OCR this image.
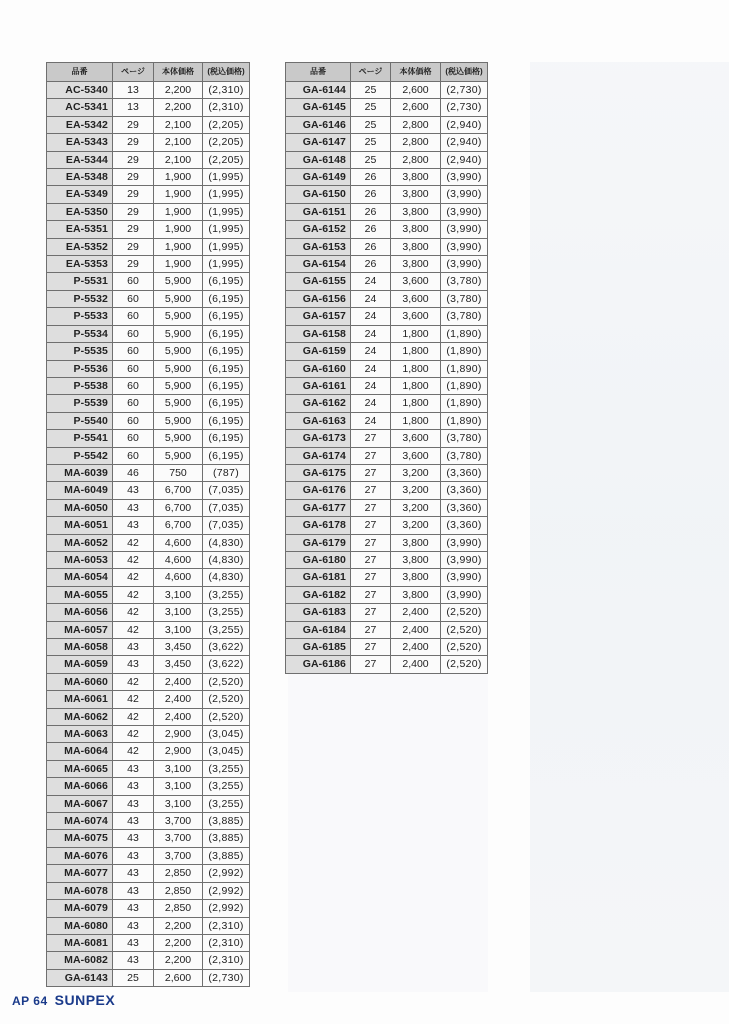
品番	ページ	本体価格	(税込価格)
AC-5340	13	2,200	(2,310)
AC-5341	13	2,200	(2,310)
EA-5342	29	2,100	(2,205)
EA-5343	29	2,100	(2,205)
EA-5344	29	2,100	(2,205)
EA-5348	29	1,900	(1,995)
EA-5349	29	1,900	(1,995)
EA-5350	29	1,900	(1,995)
EA-5351	29	1,900	(1,995)
EA-5352	29	1,900	(1,995)
EA-5353	29	1,900	(1,995)
P-5531	60	5,900	(6,195)
P-5532	60	5,900	(6,195)
P-5533	60	5,900	(6,195)
P-5534	60	5,900	(6,195)
P-5535	60	5,900	(6,195)
P-5536	60	5,900	(6,195)
P-5538	60	5,900	(6,195)
P-5539	60	5,900	(6,195)
P-5540	60	5,900	(6,195)
P-5541	60	5,900	(6,195)
P-5542	60	5,900	(6,195)
MA-6039	46	750	(787)
MA-6049	43	6,700	(7,035)
MA-6050	43	6,700	(7,035)
MA-6051	43	6,700	(7,035)
MA-6052	42	4,600	(4,830)
MA-6053	42	4,600	(4,830)
MA-6054	42	4,600	(4,830)
MA-6055	42	3,100	(3,255)
MA-6056	42	3,100	(3,255)
MA-6057	42	3,100	(3,255)
MA-6058	43	3,450	(3,622)
MA-6059	43	3,450	(3,622)
MA-6060	42	2,400	(2,520)
MA-6061	42	2,400	(2,520)
MA-6062	42	2,400	(2,520)
MA-6063	42	2,900	(3,045)
MA-6064	42	2,900	(3,045)
MA-6065	43	3,100	(3,255)
MA-6066	43	3,100	(3,255)
MA-6067	43	3,100	(3,255)
MA-6074	43	3,700	(3,885)
MA-6075	43	3,700	(3,885)
MA-6076	43	3,700	(3,885)
MA-6077	43	2,850	(2,992)
MA-6078	43	2,850	(2,992)
MA-6079	43	2,850	(2,992)
MA-6080	43	2,200	(2,310)
MA-6081	43	2,200	(2,310)
MA-6082	43	2,200	(2,310)
GA-6143	25	2,600	(2,730)
品番	ページ	本体価格	(税込価格)
GA-6144	25	2,600	(2,730)
GA-6145	25	2,600	(2,730)
GA-6146	25	2,800	(2,940)
GA-6147	25	2,800	(2,940)
GA-6148	25	2,800	(2,940)
GA-6149	26	3,800	(3,990)
GA-6150	26	3,800	(3,990)
GA-6151	26	3,800	(3,990)
GA-6152	26	3,800	(3,990)
GA-6153	26	3,800	(3,990)
GA-6154	26	3,800	(3,990)
GA-6155	24	3,600	(3,780)
GA-6156	24	3,600	(3,780)
GA-6157	24	3,600	(3,780)
GA-6158	24	1,800	(1,890)
GA-6159	24	1,800	(1,890)
GA-6160	24	1,800	(1,890)
GA-6161	24	1,800	(1,890)
GA-6162	24	1,800	(1,890)
GA-6163	24	1,800	(1,890)
GA-6173	27	3,600	(3,780)
GA-6174	27	3,600	(3,780)
GA-6175	27	3,200	(3,360)
GA-6176	27	3,200	(3,360)
GA-6177	27	3,200	(3,360)
GA-6178	27	3,200	(3,360)
GA-6179	27	3,800	(3,990)
GA-6180	27	3,800	(3,990)
GA-6181	27	3,800	(3,990)
GA-6182	27	3,800	(3,990)
GA-6183	27	2,400	(2,520)
GA-6184	27	2,400	(2,520)
GA-6185	27	2,400	(2,520)
GA-6186	27	2,400	(2,520)
AP 64 SUNPEX
